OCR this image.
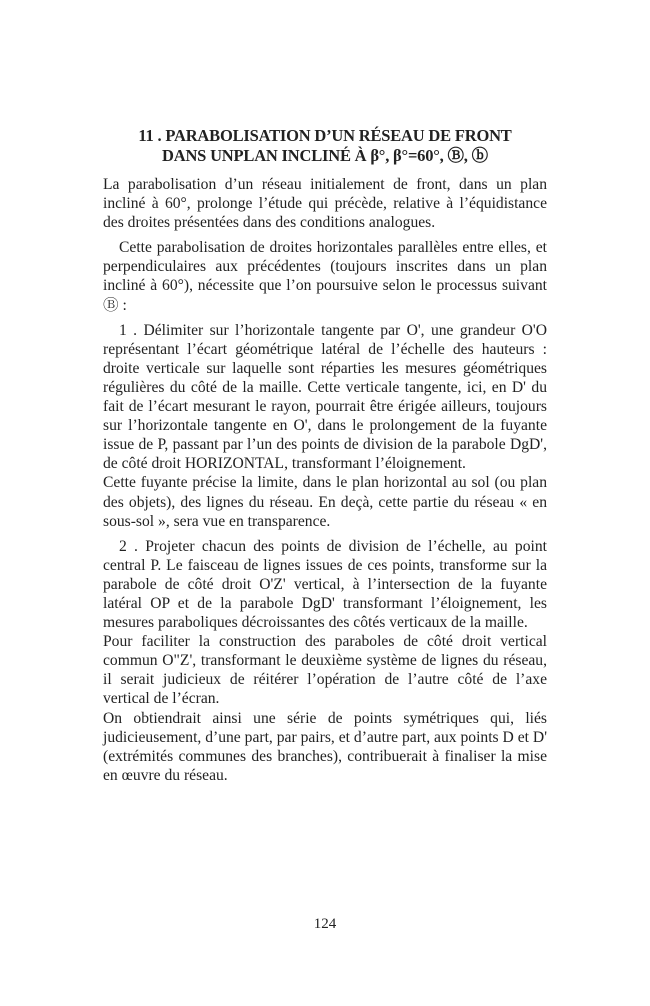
11 . PARABOLISATION D’UN RÉSEAU DE FRONT
DANS UNPLAN INCLINÉ À β°, β°=60°, Ⓑ, ⓑ

La parabolisation d’un réseau initialement de front, dans un plan incliné à 60°, prolonge l’étude qui précède, relative à l’équidistance des droites présentées dans des conditions analogues.

Cette parabolisation de droites horizontales parallèles entre elles, et perpendiculaires aux précédentes (toujours inscrites dans un plan incliné à 60°), nécessite que l’on poursuive selon le processus suivant Ⓑ :

1 . Délimiter sur l’horizontale tangente par O', une grandeur O'O représentant l’écart géométrique latéral de l’échelle des hauteurs : droite verticale sur laquelle sont réparties les mesures géométriques régulières du côté de la maille. Cette verticale tangente, ici, en D' du fait de l’écart mesurant le rayon, pourrait être érigée ailleurs, toujours sur l’horizontale tangente en O', dans le prolongement de la fuyante issue de P, passant par l’un des points de division de la parabole DgD', de côté droit HORIZONTAL, transformant l’éloignement.

Cette fuyante précise la limite, dans le plan horizontal au sol (ou plan des objets), des lignes du réseau. En deçà, cette partie du réseau « en sous-sol », sera vue en transparence.

2 . Projeter chacun des points de division de l’échelle, au point central P. Le faisceau de lignes issues de ces points, transforme sur la parabole de côté droit O'Z' vertical, à l’intersection de la fuyante latéral OP et de la parabole DgD' transformant l’éloignement, les mesures paraboliques décroissantes des côtés verticaux de la maille.

Pour faciliter la construction des paraboles de côté droit vertical commun O"Z', transformant le deuxième système de lignes du réseau, il serait judicieux de réitérer l’opération de l’autre côté de l’axe vertical de l’écran.

On obtiendrait ainsi une série de points symétriques qui, liés judicieusement, d’une part, par pairs, et d’autre part, aux points D et D' (extrémités communes des branches), contribuerait à finaliser la mise en œuvre du réseau.

124
